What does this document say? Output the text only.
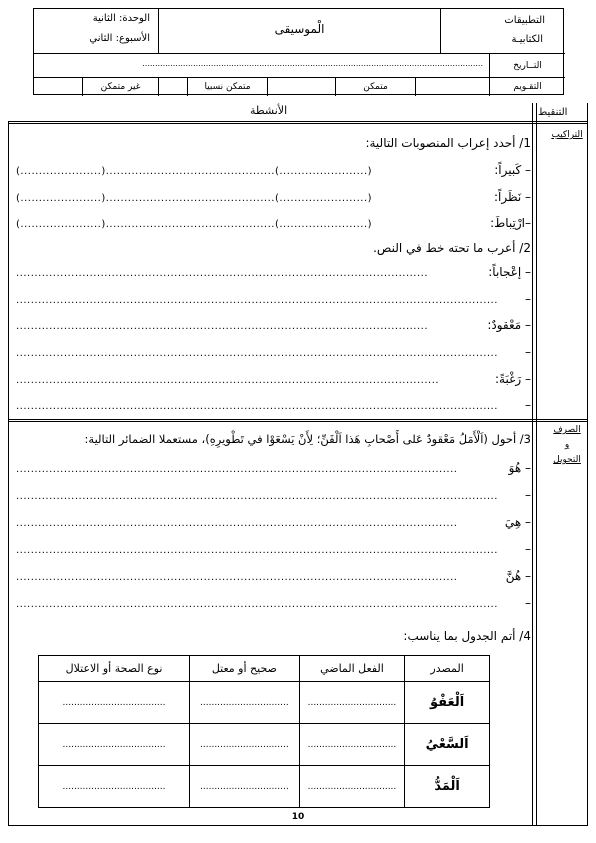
التطبيقات
الكتابيـة
الْموسيقى
الوحدة: الثانية
الأسبوع: الثاني
التــاريخ
......................................................................................................................................
التقـويم
متمكن
متمكن نسبيا
غير متمكن
التنقيط
الأنشطة
التراكيب
الصرف
و
التحويل
1/ أحدد إعراب المنصوبات التالية:
– كَبيراً:
(........................)..............................................(......................)
– نَظَراً:
(........................)..............................................(......................)
–ارْتِباطَ:
(........................)..............................................(......................)
2/ أعرب ما تحته خط في النص.
– إعْجاباً:
................................................................................................................
–
...................................................................................................................................
– مَعْقودٌ:
................................................................................................................
–
...................................................................................................................................
– رَغْبَةً:
...................................................................................................................
–
...................................................................................................................................
3/ أحول (اَلْأَمَلُ مَعْقودٌ عَلى أَصْحابِ هَذا اَلْفَنِّ؛ لِأَنْ يَسْعَوْا في تَطْويرِهِ)، مستعملا الضمائر التالية:
– هُوَ
........................................................................................................................
–
...................................................................................................................................
– هِيَ
........................................................................................................................
–
...................................................................................................................................
– هُنَّ
........................................................................................................................
–
...................................................................................................................................
4/ أتم الجدول بما يناسب:
المصدر	الفعل الماضي	صحيح أو معتل	نوع الصحة أو الاعتلال
اَلْعَفْوُ	...............................	...............................	....................................
اَلسَّعْيُ	...............................	...............................	....................................
اَلْمَدُّ	...............................	...............................	....................................
10
